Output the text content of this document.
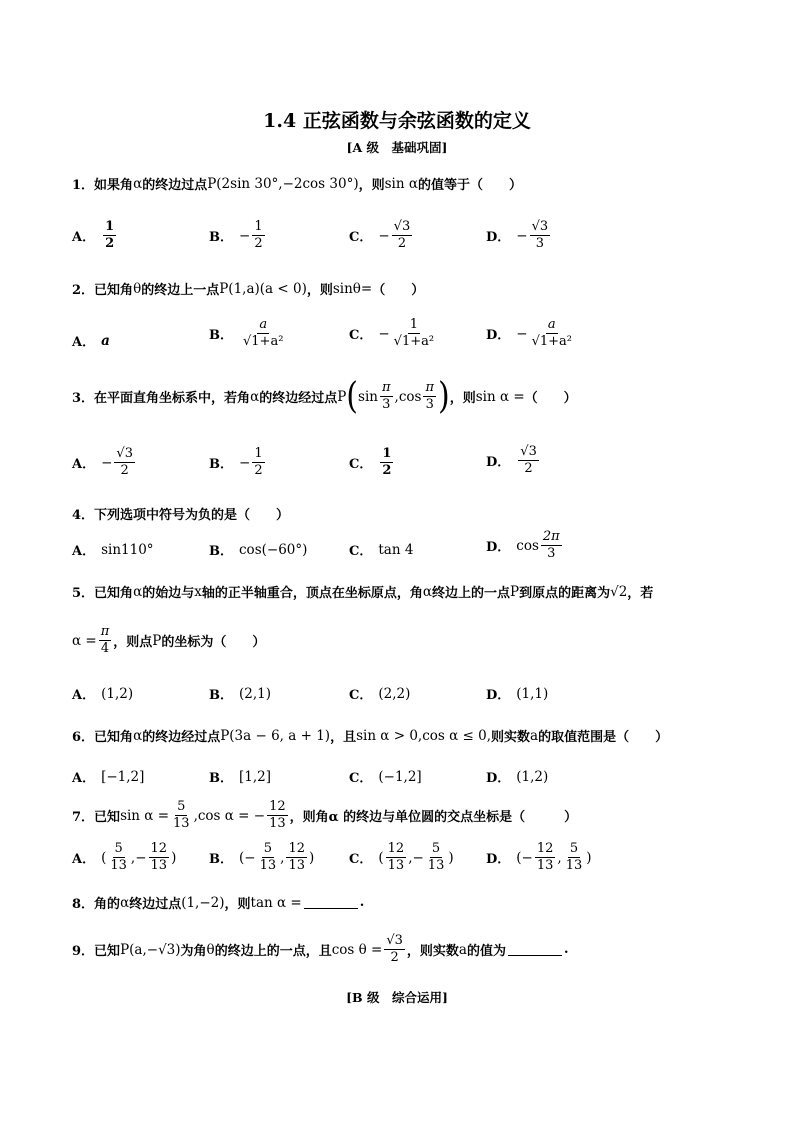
1.4 正弦函数与余弦函数的定义
[A 级　基础巩固]
1． 如果角 α 的终边过点 P(2sin 30°,−2cos 30°) ，则 sin α 的值等于（　　）
A． $\frac{1}{2}$	B． − $\frac{1}{2}$	C． − $\frac{√3}{2}$	D． − $\frac{√3}{3}$
2． 已知角 θ 的终边上一点 P(1,a)(a < 0) ，则 sinθ= （　　）
A． a	B． $\frac{a}{\text{√1+a²}}$	C． − $\frac{1}{\text{√1+a²}}$	D． − $\frac{a}{\text{√1+a²}}$
3． 在平面直角坐标系中，若角 α 的终边经过点 P ( $\sin \frac{\pi}{3}$ , $\cos \frac{\pi}{3}$ ) ，则 sin α = （　　）
A． − $\frac{√3}{2}$	B． − $\frac{1}{2}$	C． $\frac{1}{2}$	D． $\frac{√3}{2}$
4． 下列选项中符号为负的是（　　）
A． sin110°	B． cos(−60°)	C． tan 4	D． $\cos \frac{2\pi}{3}$
5． 已知角 α 的始边与 x 轴的正半轴重合，顶点在坐标原点，角 α 终边上的一点 P 到原点的距离为 √2 ，若
$\alpha = \frac{\pi}{4}$ ，则点 P 的坐标为（　　）
A． (1,2)	B． (2,1)	C． (2,2)	D． (1,1)
6． 已知角 α 的终边经过点 P(3a − 6, a + 1) ，且 sin α > 0,cos α ≤ 0, 则实数 a 的取值范围是（　　）
A． [−1,2]	B． [1,2]	C． (−1,2]	D． (1,2)
7． 已知 $\sin \alpha = \frac{5}{13} ,\cos$ α = − $\frac{12}{13}$ ，则角α 的终边与单位圆的交点坐标是（　　　）
A． ( $\frac{5}{13}$ ,− $\frac{12}{13}$ )	B． (− $\frac{5}{13}$ , $\frac{12}{13}$ )	C． ( $\frac{12}{13}$ ,− $\frac{5}{13}$ ) D． (− $\frac{12}{13}$ , $\frac{5}{13}$ )
8． 角的 α 终边过点 (1,−2) ，则 tan α =	.
9． 已知 P(a,−√3) 为角 θ 的终边上的一点，且 $\cos \theta = \frac{√3}{2}$ ，则实数 a 的值为	.
[B 级　综合运用]
